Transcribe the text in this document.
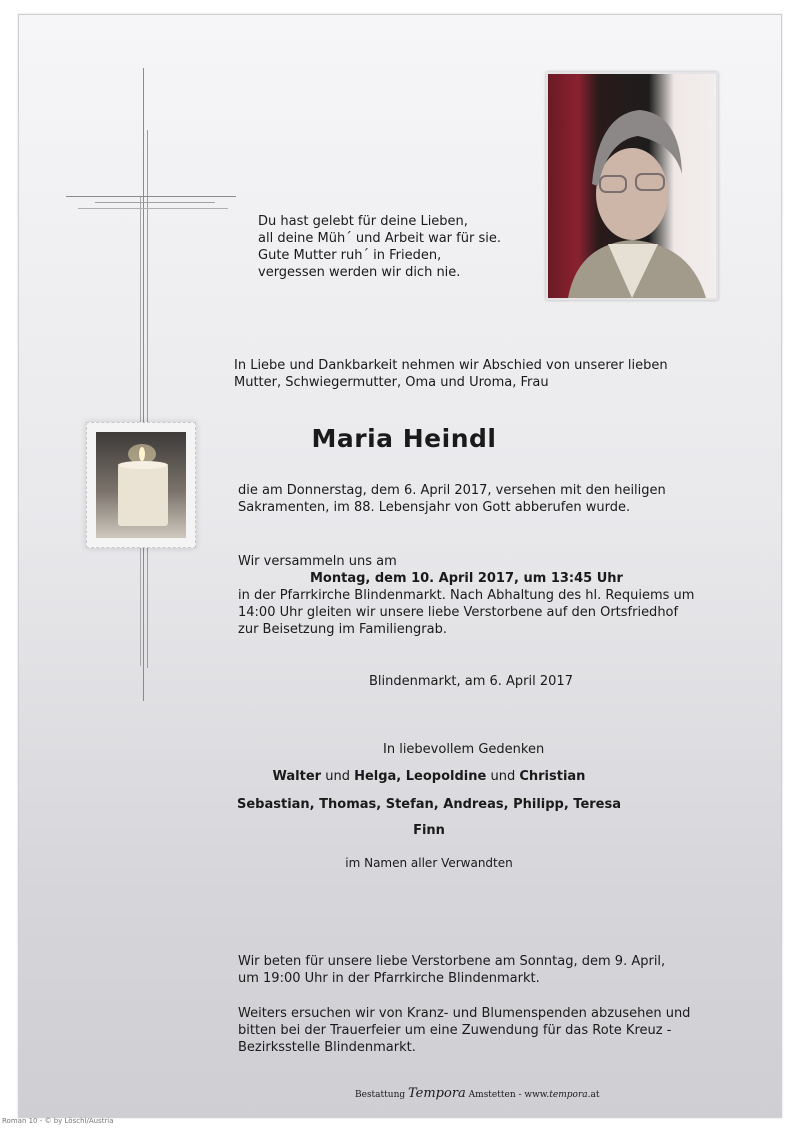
Du hast gelebt für deine Lieben,
all deine Müh´ und Arbeit war für sie.
Gute Mutter ruh´ in Frieden,
vergessen werden wir dich nie.
In Liebe und Dankbarkeit nehmen wir Abschied von unserer lieben
Mutter, Schwiegermutter, Oma und Uroma, Frau
Maria Heindl
die am Donnerstag, dem 6. April 2017, versehen mit den heiligen
Sakramenten, im 88. Lebensjahr von Gott abberufen wurde.
Wir versammeln uns am
Montag, dem 10. April 2017, um 13:45 Uhr
in der Pfarrkirche Blindenmarkt. Nach Abhaltung des hl. Requiems um
14:00 Uhr gleiten wir unsere liebe Verstorbene auf den Ortsfriedhof
zur Beisetzung im Familiengrab.
Blindenmarkt, am 6. April 2017
In liebevollem Gedenken
Walter und Helga, Leopoldine und Christian
Sebastian, Thomas, Stefan, Andreas, Philipp, Teresa
Finn
im Namen aller Verwandten
Wir beten für unsere liebe Verstorbene am Sonntag, dem 9. April,
um 19:00 Uhr in der Pfarrkirche Blindenmarkt.
Weiters ersuchen wir von Kranz- und Blumenspenden abzusehen und
bitten bei der Trauerfeier um eine Zuwendung für das Rote Kreuz -
Bezirksstelle Blindenmarkt.
Bestattung Tempora Amstetten - www.tempora.at
Roman 10 - © by Löschl/Austria
